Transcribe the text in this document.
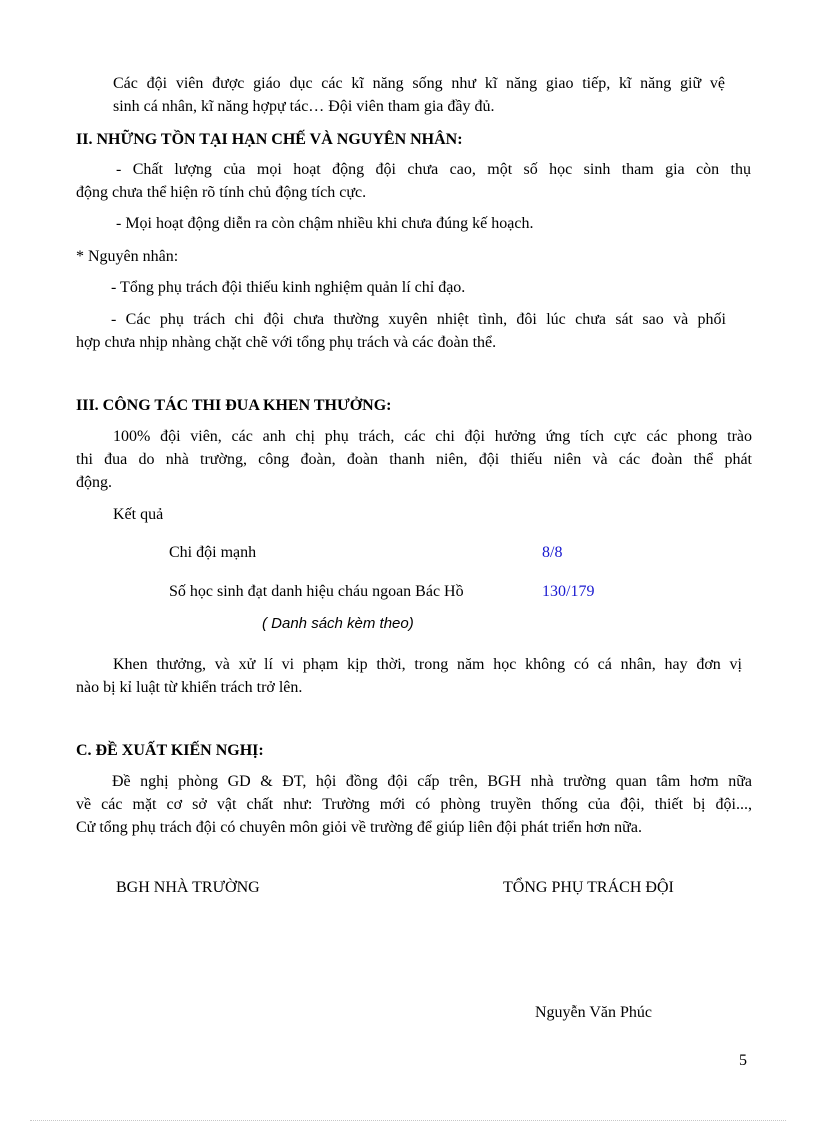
Các đội viên được giáo dục các kĩ năng sống như kĩ năng giao tiếp, kĩ năng giữ vệ

sinh cá nhân, kĩ năng hợpự tác… Đội viên tham gia đầy đủ.

II. NHỮNG TỒN TẠI HẠN CHẾ VÀ NGUYÊN NHÂN:

- Chất lượng của mọi hoạt động đội chưa cao, một số học sinh tham gia còn thụ

động chưa thể hiện rõ tính chủ động tích cực.

- Mọi hoạt động diễn ra còn chậm nhiều khi chưa đúng kế hoạch.

* Nguyên nhân:

- Tổng phụ trách đội thiếu kinh nghiệm quản lí chỉ đạo.

- Các phụ trách chi đội chưa thường xuyên nhiệt tình, đôi lúc chưa sát sao và phối

hợp chưa nhịp nhàng chặt chẽ với tổng phụ trách và các đoàn thể.

III. CÔNG TÁC THI ĐUA KHEN THƯỞNG:

100% đội viên, các anh chị phụ trách, các chi đội hưởng ứng tích cực các phong trào

thi đua do nhà trường, công đoàn, đoàn thanh niên, đội thiếu niên và các đoàn thể phát

động.

Kết quả

Chi đội mạnh	8/8

Số học sinh đạt danh hiệu cháu ngoan Bác Hồ	130/179

( Danh sách kèm theo)

Khen thưởng, và xử lí vi phạm kịp thời, trong năm học không có cá nhân, hay đơn vị

nào bị kỉ luật từ khiển trách trở lên.

C. ĐỀ XUẤT KIẾN NGHỊ:

Đề nghị phòng GD & ĐT, hội đồng đội cấp trên, BGH nhà trường quan tâm hơm nữa

về các mặt cơ sở vật chất như: Trường mới có phòng truyền thống của đội, thiết bị đội...,

Cử tổng phụ trách đội có chuyên môn giỏi về trường để giúp liên đội phát triển hơn nữa.

BGH NHÀ TRƯỜNG	TỔNG PHỤ TRÁCH ĐỘI

Nguyễn Văn Phúc

5
